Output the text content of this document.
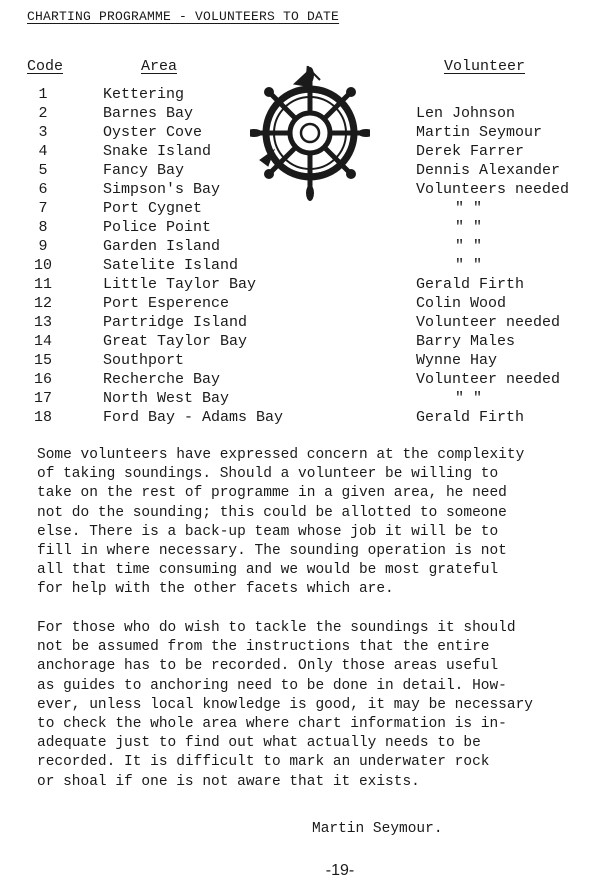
CHARTING PROGRAMME - VOLUNTEERS TO DATE
Code	Area	Volunteer
1	Kettering
2	Barnes Bay	Len Johnson
3	Oyster Cove	Martin Seymour
4	Snake Island	Derek Farrer
5	Fancy Bay	Dennis Alexander
6	Simpson's Bay	Volunteers needed
7	Port Cygnet	" "
8	Police Point	" "
9	Garden Island	" "
10	Satelite Island	" "
11	Little Taylor Bay	Gerald Firth
12	Port Esperence	Colin Wood
13	Partridge Island	Volunteer needed
14	Great Taylor Bay	Barry Males
15	Southport	Wynne Hay
16	Recherche Bay	Volunteer needed
17	North West Bay	" "
18	Ford Bay - Adams Bay	Gerald Firth

Some volunteers have expressed concern at the complexity
of taking soundings. Should a volunteer be willing to
take on the rest of programme in a given area, he need
not do the sounding; this could be allotted to someone
else. There is a back-up team whose job it will be to
fill in where necessary. The sounding operation is not
all that time consuming and we would be most grateful
for help with the other facets which are.

For those who do wish to tackle the soundings it should
not be assumed from the instructions that the entire
anchorage has to be recorded. Only those areas useful
as guides to anchoring need to be done in detail. How-
ever, unless local knowledge is good, it may be necessary
to check the whole area where chart information is in-
adequate just to find out what actually needs to be
recorded. It is difficult to mark an underwater rock
or shoal if one is not aware that it exists.

Martin Seymour.
-19-
